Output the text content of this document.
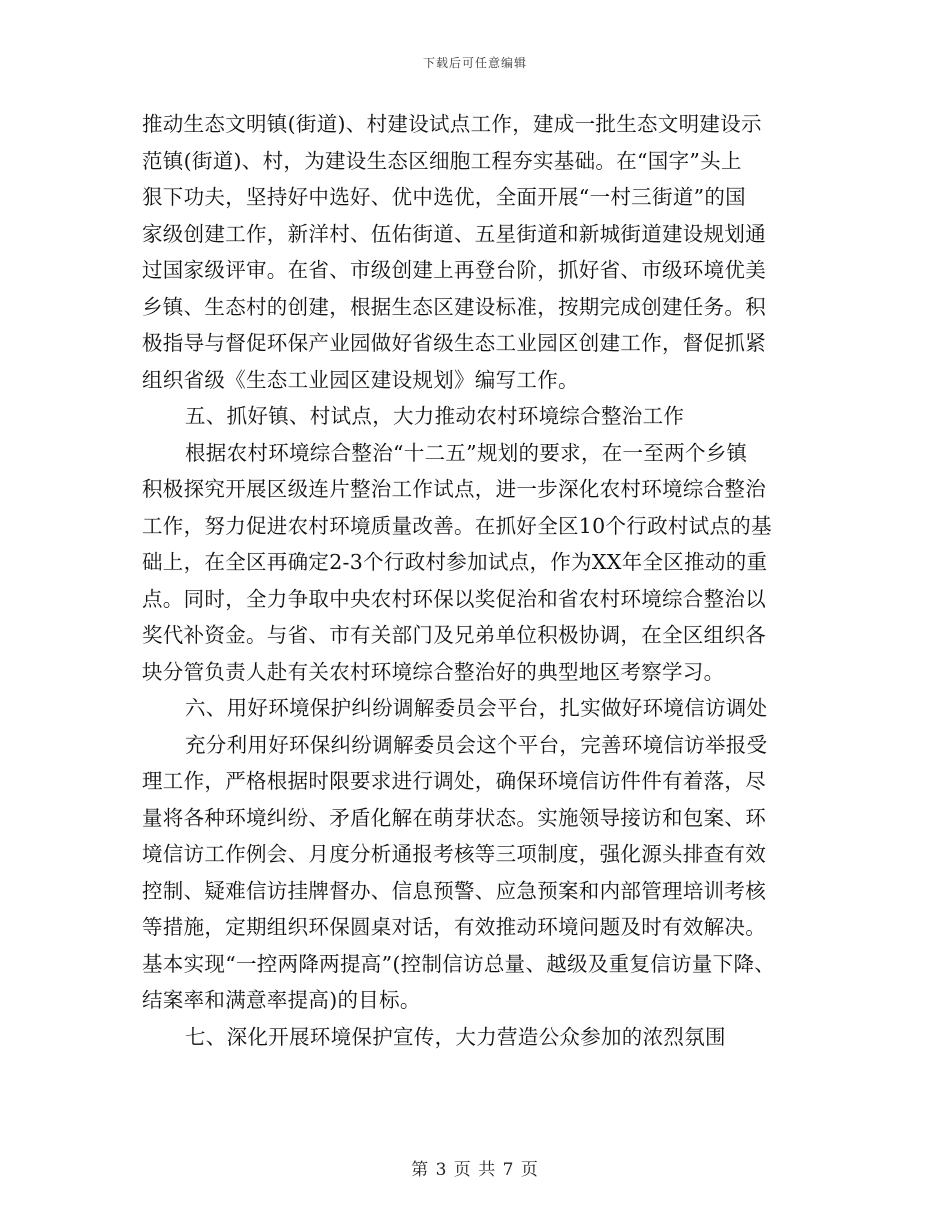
下载后可任意编辑
推动生态文明镇(街道)、村建设试点工作，建成一批生态文明建设示
范镇(街道)、村，为建设生态区细胞工程夯实基础。在“国字”头上
狠下功夫，坚持好中选好、优中选优，全面开展“一村三街道”的国
家级创建工作，新洋村、伍佑街道、五星街道和新城街道建设规划通
过国家级评审。在省、市级创建上再登台阶，抓好省、市级环境优美
乡镇、生态村的创建，根据生态区建设标准，按期完成创建任务。积
极指导与督促环保产业园做好省级生态工业园区创建工作，督促抓紧
组织省级《生态工业园区建设规划》编写工作。
五、抓好镇、村试点，大力推动农村环境综合整治工作
根据农村环境综合整治“十二五”规划的要求，在一至两个乡镇
积极探究开展区级连片整治工作试点，进一步深化农村环境综合整治
工作，努力促进农村环境质量改善。在抓好全区10个行政村试点的基
础上，在全区再确定2-3个行政村参加试点，作为XX年全区推动的重
点。同时，全力争取中央农村环保以奖促治和省农村环境综合整治以
奖代补资金。与省、市有关部门及兄弟单位积极协调，在全区组织各
块分管负责人赴有关农村环境综合整治好的典型地区考察学习。
六、用好环境保护纠纷调解委员会平台，扎实做好环境信访调处
充分利用好环保纠纷调解委员会这个平台，完善环境信访举报受
理工作，严格根据时限要求进行调处，确保环境信访件件有着落，尽
量将各种环境纠纷、矛盾化解在萌芽状态。实施领导接访和包案、环
境信访工作例会、月度分析通报考核等三项制度，强化源头排查有效
控制、疑难信访挂牌督办、信息预警、应急预案和内部管理培训考核
等措施，定期组织环保圆桌对话，有效推动环境问题及时有效解决。
基本实现“一控两降两提高”(控制信访总量、越级及重复信访量下降、
结案率和满意率提高)的目标。
七、深化开展环境保护宣传，大力营造公众参加的浓烈氛围
第 3 页 共 7 页
